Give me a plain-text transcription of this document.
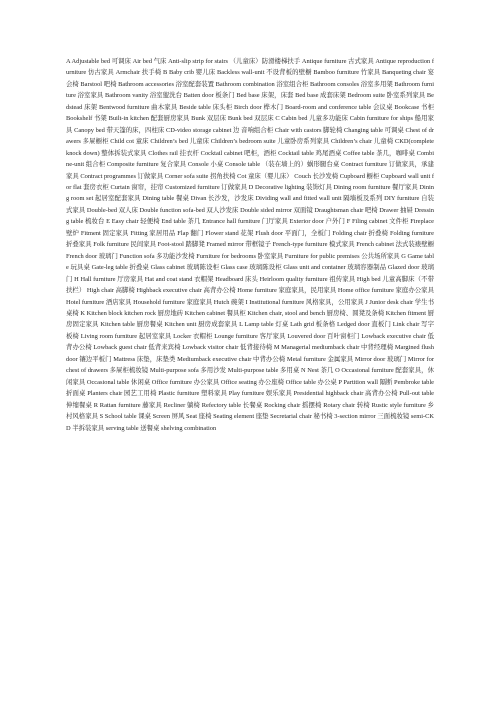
A Adjustable bed 可调床 Air bed 气床 Anti-slip strip for stairs （儿童床）防滑楼梯扶手 Antique furniture 古式家具 Antique reproduction furniture 仿古家具 Armchair 扶手椅 B Baby crib 婴儿床 Backless wall-unit 不设背板的壁橱 Bamboo furniture 竹家具 Banqueting chair 宴会椅 Barstool 吧椅 Bathroom accessories 浴室配套装置 Bathroom combination 浴室组合柜 Bathroom consoles 浴室多用架 Bathroom furniture 浴室家具 Bathroom vanity 浴室盥洗台 Batten door 板条门 Bed base 床架，床套 Bed base 成套床架 Bedroom suite 卧室系列家具 Bedstead 床架 Bentwood furniture 曲木家具 Beside table 床头柜 Birch door 桦木门 Board-room and conference table 会议桌 Bookcase 书柜 Bookshelf 书架 Built-in kitchen 配套厨房家具 Bunk 双层床 Bunk bed 双层床 C Cabin bed 儿童多功能床 Cabin furniture for ships 船用家具 Canopy bed 带天篷的床，四柱床 CD-video storage cabinet 边 音响组合柜 Chair with castors 脚轮椅 Changing table 可调桌 Chest of drawers 多屉橱柜 Child cot 童床 Children’s bed 儿童床 Children’s bedroom suite 儿童卧房系列家具 Children’s chair 儿童椅 CKD(complete knock down) 整体拆装式家具 Clothes rail 挂衣杆 Cocktail cabinet 吧柜，酒柜 Cocktail table 鸡尾酒桌 Coffee table 茶几，咖啡桌 Combine-unit 组合柜 Composite furniture 复合家具 Console 小桌 Console table （装在墙上的）蜗形腿台桌 Contract furniture 订做家具，承建家具 Contract programmes 订做家具 Corner sofa suite 拐角扶椅 Cot 童床（婴儿床） Couch 长沙发椅 Cupboard 橱柜 Cupboard wall unit for flat 套房衣柜 Curtain 窗帘，挂帘 Customized furniture 订做家具 D Decorative lighting 装饰灯具 Dining room furniture 餐厅家具 Dining room set 起居室配套家具 Dining table 餐桌 Divan 长沙发，沙发床 Dividing wall and fitted wall unit 隔墙板及系列 DIY furniture 自装式家具 Double-bed 双人床 Double function sofa-bed 双人沙发床 Double sided mirror 双面镜 Draughtsman chair 吧椅 Drawer 抽屉 Dressing table 梳妆台 E Easy chair 轻便椅 End table 茶几 Entrance hall furniture 门厅家具 Exterior door 户外门 F Filing cabinet 文件柜 Fireplace 壁炉 Fitment 固定家具 Fitting 家居用品 Flap 翻门 Flower stand 花架 Flush door 平面门，全板门 Folding chair 折叠椅 Folding furniture 折叠家具 Folk furniture 民间家具 Foot-stool 踏脚凳 Framed mirror 带框镜子 French-type furniture 模式家具 French cabinet 法式装裱壁橱 French door 玻璃门 Function sofa 多功能沙发椅 Furniture for bedrooms 卧室家具 Furniture for public premises 公共场所家具 G Game table 玩具桌 Gate-leg table 折叠桌 Glass cabinet 玻璃陈设柜 Glass case 玻璃陈设柜 Glass unit and container 玻璃容器制品 Glazed door 玻璃门 H Hall furniture 厅房家具 Hat and coat stand 衣帽架 Headboard 床头 Heirloom quality furniture 祖传家具 High bed 儿童高脚床（不带扶栏） High chair 高脚椅 Highback executive chair 高背办公椅 Home furniture 家庭家具，民用家具 Home office furniture 家庭办公家具 Hotel furniture 酒店家具 Household furniture 家庭家具 Hutch 碗架 I Institutional furniture 风格家具，公用家具 J Junior desk chair 学生书桌椅 K Kitchen block kitchen rock 厨房地砖 Kitchen cabinet 餐具柜 Kitchen chair, stool and bench 厨房椅、圆凳及条椅 Kitchen fitment 厨房固定家具 Kitchen table 厨房餐桌 Kitchen unit 厨房成套家具 L Lamp table 灯桌 Lath grid 板条格 Ledged door 直板门 Link chair 写字板椅 Living room furniture 起居室家具 Locker 衣帽柜 Lounge furniture 客厅家具 Louvered door 百叶窗柜门 Lowback executive chair 低背办公椅 Lowback guest chair 低背来宾椅 Lowback visitor chair 低背接待椅 M Managerial mediumback chair 中背经理椅 Margined flush door 镶边平板门 Mattress 床垫，床垫类 Mediumback executive chair 中背办公椅 Metal furniture 金属家具 Mirror door 玻璃门 Mirror for chest of drawers 多屉柜梳妆镜 Multi-purpose sofa 多用沙发 Multi-purpose table 多用桌 N Nest 茶几 O Occasional furniture 配套家具，休闲家具 Occasional table 休闲桌 Office furniture 办公家具 Office seating 办公座椅 Office table 办公桌 P Partition wall 隔断 Pembroke table 折面桌 Planters chair 园艺工用椅 Plastic furniture 塑料家具 Play furniture 娱乐家具 Presidential highback chair 高背办公椅 Pull-out table 伸缩餐桌 R Rattan furniture 藤家具 Recliner 躺椅 Refectory table 长餐桌 Rocking chair 摇摆椅 Rotary chair 转椅 Rustic style furniture 乡村风格家具 S School table 课桌 Screen 屏风 Seat 座椅 Seating element 座垫 Secretarial chair 秘书椅 3-section mirror 三面梳妆镜 semi-CKD 半拆装家具 serving table 送餐桌 shelving combination
